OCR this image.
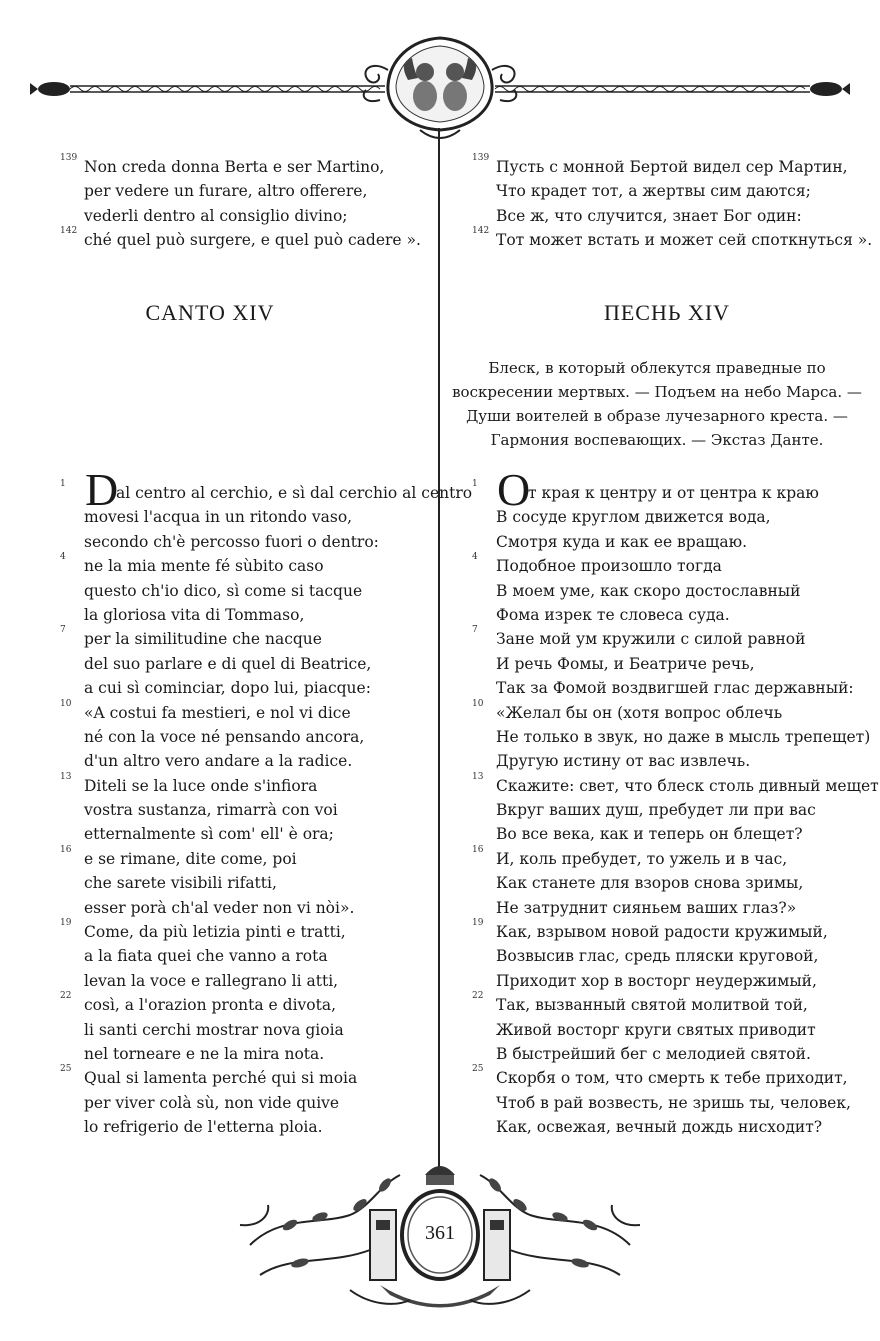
139 Non creda donna Berta e ser Martino,
per vedere un furare, altro offerere,
vederli dentro al consiglio divino;
142 ché quel può surgere, e quel può cadere ».
139 Пусть с монной Бертой видел сер Мартин,
Что крадет тот, а жертвы сим даются;
Все ж, что случится, знает Бог один:
142 Тот может встать и может сей споткнуться ».
CANTO XIV	ПЕСНЬ XIV
Блеск, в который облекутся праведные по воскресении мертвых. — Подъем на небо Марса. — Души воителей в образе лучезарного креста. — Гармония воспевающих. — Экстаз Данте.
D
1	al centro al cerchio, e sì dal cerchio al centro
movesi l'acqua in un ritondo vaso,
secondo ch'è percosso fuori o dentro:
4 ne la mia mente fé sùbito caso
questo ch'io dico, sì come si tacque
la gloriosa vita di Tommaso,
7 per la similitudine che nacque
del suo parlare e di quel di Beatrice,
a cui sì cominciar, dopo lui, piacque:
10 «A costui fa mestieri, e nol vi dice
né con la voce né pensando ancora,
d'un altro vero andare a la radice.
13 Diteli se la luce onde s'infiora
vostra sustanza, rimarrà con voi
etternalmente sì com' ell' è ora;
16 e se rimane, dite come, poi
che sarete visibili rifatti,
esser porà ch'al veder non vi nòi».
19 Come, da più letizia pinti e tratti,
a la fiata quei che vanno a rota
levan la voce e rallegrano li atti,
22 così, a l'orazion pronta e divota,
li santi cerchi mostrar nova gioia
nel torneare e ne la mira nota.
25 Qual si lamenta perché qui si moia
per viver colà sù, non vide quive
lo refrigerio de l'etterna ploia.
О
1	т края к центру и от центра к краю
В сосуде круглом движется вода,
Смотря куда и как ее вращаю.
4 Подобное произошло тогда
В моем уме, как скоро достославный
Фома изрек те словеса суда.
7 Зане мой ум кружили с силой равной
И речь Фомы, и Беатриче речь,
Так за Фомой воздвигшей глас державный:
10 «Желал бы он (хотя вопрос облечь
Не только в звук, но даже в мысль трепещет)
Другую истину от вас извлечь.
13 Скажите: свет, что блеск столь дивный мещет
Вкруг ваших душ, пребудет ли при вас
Во все века, как и теперь он блещет?
16 И, коль пребудет, то ужель и в час,
Как станете для взоров снова зримы,
Не затруднит сияньем ваших глаз?»
19 Как, взрывом новой радости кружимый,
Возвысив глас, средь пляски круговой,
Приходит хор в восторг неудержимый,
22 Так, вызванный святой молитвой той,
Живой восторг круги святых приводит
В быстрейший бег с мелодией святой.
25 Скорбя о том, что смерть к тебе приходит,
Чтоб в рай возвесть, не зришь ты, человек,
Как, освежая, вечный дождь нисходит?
361
